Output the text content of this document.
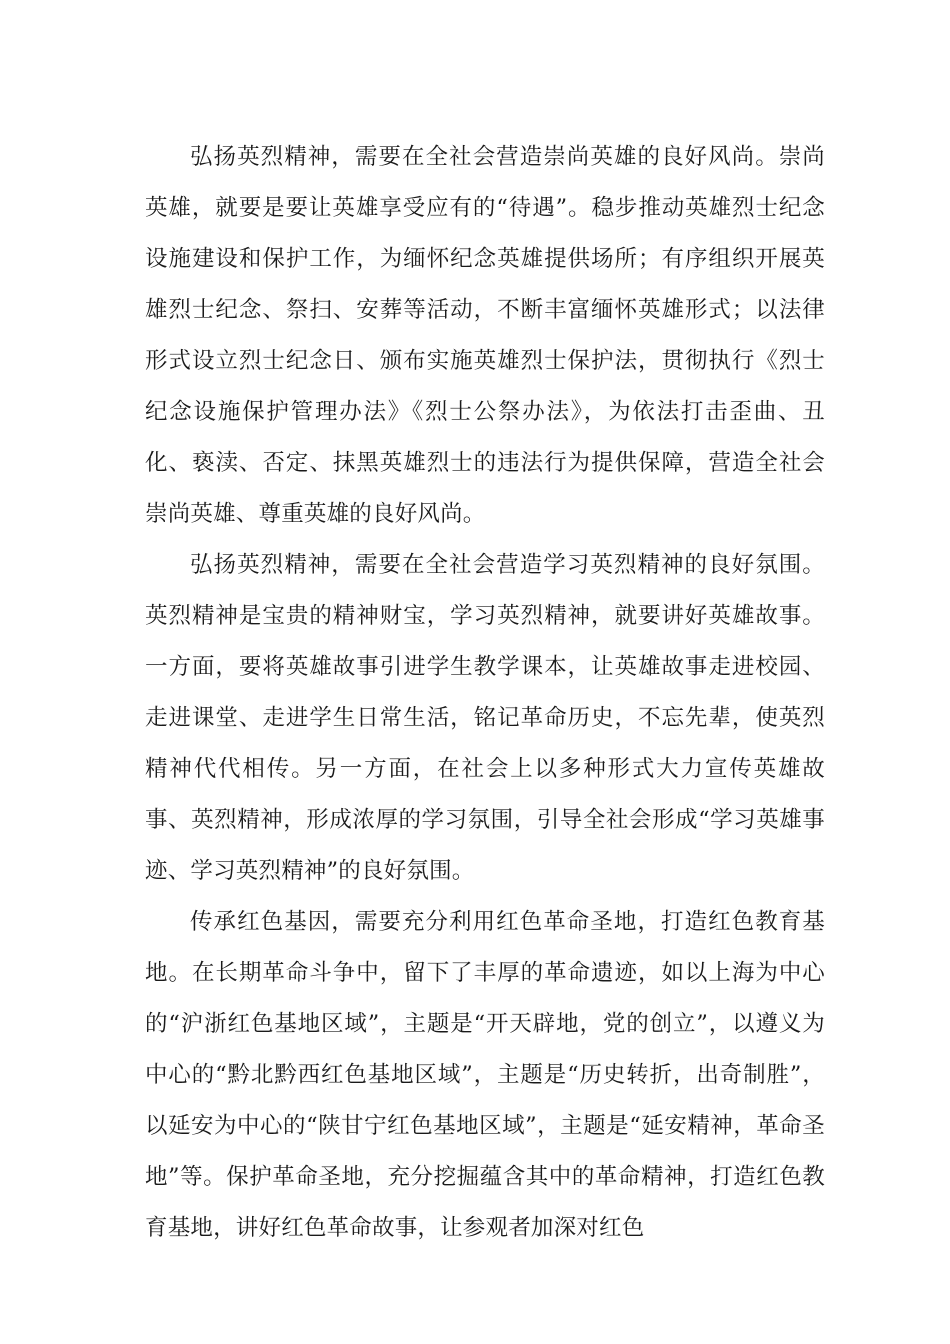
弘扬英烈精神，需要在全社会营造崇尚英雄的良好风尚。崇尚英雄，就要是要让英雄享受应有的“待遇”。稳步推动英雄烈士纪念设施建设和保护工作，为缅怀纪念英雄提供场所；有序组织开展英雄烈士纪念、祭扫、安葬等活动，不断丰富缅怀英雄形式；以法律形式设立烈士纪念日、颁布实施英雄烈士保护法，贯彻执行《烈士纪念设施保护管理办法》《烈士公祭办法》，为依法打击歪曲、丑化、亵渎、否定、抹黑英雄烈士的违法行为提供保障，营造全社会崇尚英雄、尊重英雄的良好风尚。

弘扬英烈精神，需要在全社会营造学习英烈精神的良好氛围。英烈精神是宝贵的精神财宝，学习英烈精神，就要讲好英雄故事。一方面，要将英雄故事引进学生教学课本，让英雄故事走进校园、走进课堂、走进学生日常生活，铭记革命历史，不忘先辈，使英烈精神代代相传。另一方面，在社会上以多种形式大力宣传英雄故事、英烈精神，形成浓厚的学习氛围，引导全社会形成“学习英雄事迹、学习英烈精神”的良好氛围。

传承红色基因，需要充分利用红色革命圣地，打造红色教育基地。在长期革命斗争中，留下了丰厚的革命遗迹，如以上海为中心的“沪浙红色基地区域”，主题是“开天辟地，党的创立”，以遵义为中心的“黔北黔西红色基地区域”，主题是“历史转折，出奇制胜”，以延安为中心的“陕甘宁红色基地区域”，主题是“延安精神，革命圣地”等。保护革命圣地，充分挖掘蕴含其中的革命精神，打造红色教育基地，讲好红色革命故事，让参观者加深对红色
